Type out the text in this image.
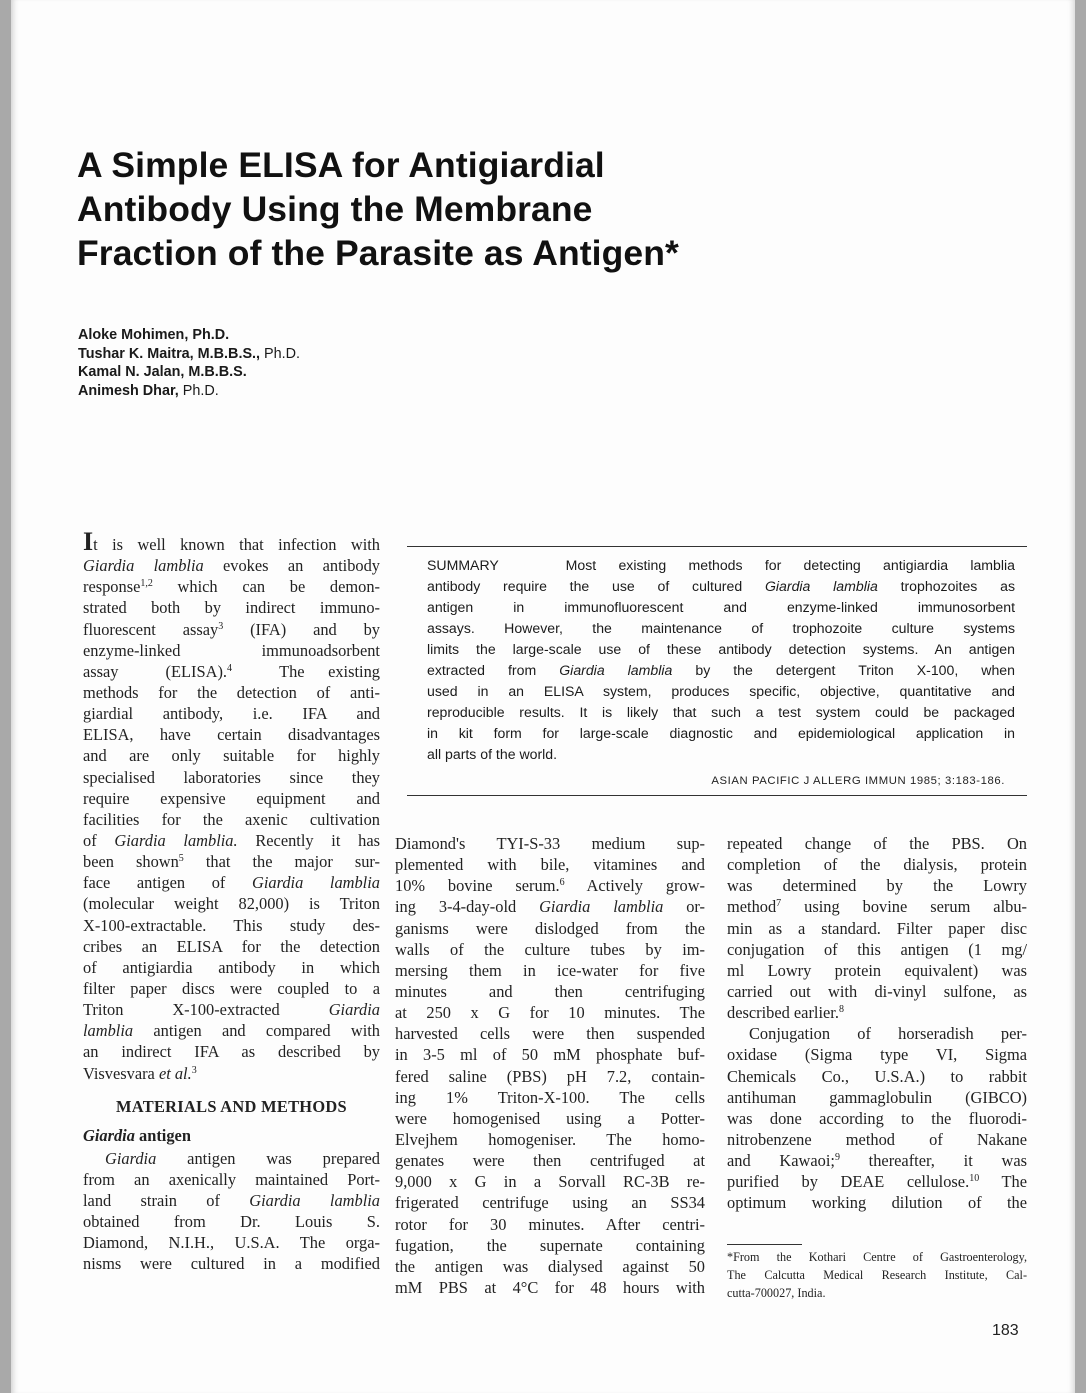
A Simple ELISA for Antigiardial
Antibody Using the Membrane
Fraction of the Parasite as Antigen*
Aloke Mohimen, Ph.D.
Tushar K. Maitra, M.B.B.S., Ph.D.
Kamal N. Jalan, M.B.B.S.
Animesh Dhar, Ph.D.
SUMMARY   Most existing methods for detecting antigiardia lamblia
antibody require the use of cultured Giardia lamblia trophozoites as
antigen in immunofluorescent and enzyme-linked immunosorbent
assays. However, the maintenance of trophozoite culture systems
limits the large-scale use of these antibody detection systems. An antigen
extracted from Giardia lamblia by the detergent Triton X-100, when
used in an ELISA system, produces specific, objective, quantitative and
reproducible results. It is likely that such a test system could be packaged
in kit form for large-scale diagnostic and epidemiological application in
all parts of the world.
ASIAN PACIFIC J ALLERG IMMUN 1985; 3:183-186.
It is well known that infection with
Giardia lamblia evokes an antibody
response$^{1,2}$ which can be demon-
strated both by indirect immuno-
fluorescent assay$^3$ (IFA) and by
enzyme-linked immunoadsorbent
assay  (ELISA).$^4$  The existing
methods for the detection of anti-
giardial antibody, i.e. IFA and
ELISA, have certain disadvantages
and are only suitable for highly
specialised laboratories since they
require expensive equipment and
facilities for the axenic cultivation
of Giardia lamblia. Recently it has
been shown$^5$ that the major sur-
face antigen of Giardia lamblia
(molecular weight 82,000) is Triton
X-100-extractable. This study des-
cribes an ELISA for the detection
of antigiardia antibody in which
filter paper discs were coupled to a
Triton  X-100-extracted  Giardia
lamblia antigen and compared with
an indirect IFA as described by
Visvesvara et al.$^3$
MATERIALS AND METHODS
Giardia antigen
Giardia antigen was prepared
from an axenically maintained Port-
land strain of Giardia lamblia
obtained from Dr. Louis S.
Diamond, N.I.H., U.S.A. The orga-
nisms were cultured in a modified
Diamond's TYI-S-33 medium sup-
plemented with bile, vitamines and
10% bovine serum.$^6$ Actively grow-
ing 3-4-day-old Giardia lamblia or-
ganisms were dislodged from the
walls of the culture tubes by im-
mersing them in ice-water for five
minutes and then centrifuging
at 250 x G for 10 minutes. The
harvested cells were then suspended
in 3-5 ml of 50 mM phosphate buf-
fered saline (PBS) pH 7.2, contain-
ing 1% Triton-X-100. The cells
were homogenised using a Potter-
Elvejhem homogeniser. The homo-
genates were then centrifuged at
9,000 x G in a Sorvall RC-3B re-
frigerated centrifuge using an SS34
rotor for 30 minutes. After centri-
fugation, the supernate containing
the antigen was dialysed against 50
mM PBS at 4°C for 48 hours with
repeated change of the PBS. On
completion of the dialysis, protein
was determined by the Lowry
method$^7$ using bovine serum albu-
min as a standard. Filter paper disc
conjugation of this antigen (1 mg/
ml Lowry protein equivalent) was
carried out with di-vinyl sulfone, as
described earlier.$^8$
Conjugation of horseradish per-
oxidase (Sigma type VI, Sigma
Chemicals Co., U.S.A.) to rabbit
antihuman gammaglobulin (GIBCO)
was done according to the fluorodi-
nitrobenzene method of Nakane
and Kawaoi;$^9$ thereafter, it was
purified by DEAE cellulose.$^{10}$ The
optimum working dilution of the
*From the Kothari Centre of Gastroenterology,
The Calcutta Medical Research Institute, Cal-
cutta-700027, India.
183
